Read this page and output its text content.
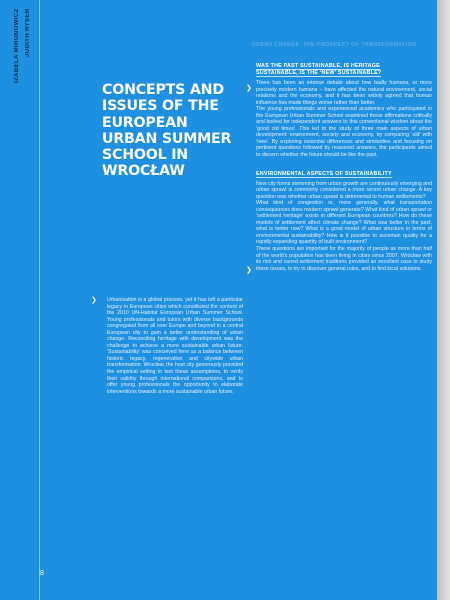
IZABELA MIRONOWICZ JUDITH RYSER	URBAN CHANGE: THE PROSPECT OF TRANSFORMATION
CONCEPTS AND ISSUES OF THE EUROPEAN URBAN SUMMER SCHOOL IN WROCŁAW
❯	Urbanisation is a global process, yet it has left a particular legacy in European cities which constituted the content of the 2010 UN-Habitat European Urban Summer School. Young professionals and tutors with diverse backgrounds congregated from all over Europe and beyond in a central European city to gain a better understanding of urban change. Reconciling heritage with development was the challenge to achieve a more sustainable urban future. ‘Sustainability’ was conceived here as a balance between historic legacy, regeneration and citywide urban transformation. Wrocław, the host city generously provided the empirical setting to test these assumptions, to verify their validity through international comparisons, and to offer young professionals the opportunity to elaborate interventions towards a more sustainable urban future.

❯
❯
WAS THE PAST SUSTAINABLE, IS HERITAGE
SUSTAINABLE, IS THE ‘NEW’ SUSTAINABLE?

There has been an intense debate about how badly humans, or more precisely modern humans – have affected the natural environment, social relations and the economy, and it has been widely agreed that human influence has made things worse rather than better.

The young professionals and experienced academics who participated in the European Urban Summer School examined these affirmations critically and looked for independent answers to this conventional wisdom about the ‘good old times’. This led to the study of three main aspects of urban development: environment, society and economy, by comparing ‘old’ with ‘new’. By exploring essential differences and similarities and focusing on pertinent questions followed by reasoned answers, the participants aimed to discern whether the future should be like the past.

ENVIRONMENTAL ASPECTS OF SUSTAINABILITY

New city forms stemming from urban growth are continuously emerging and urban sprawl is commonly considered a more recent urban change. A key question was whether urban sprawl is detrimental to human settlements?

What kind of congestion or, more generally, what transportation consequences does modern sprawl generate? What kind of urban sprawl or ‘settlement heritage’ exists in different European countries? How do these models of settlement affect climate change? What was better in the past, what is better now? What is a good model of urban structure in terms of environmental sustainability? How is it possible to ascertain quality for a rapidly expanding quantity of built environment?

These questions are important for the majority of people as more than half of the world’s population has been living in cities since 2007. Wrocław with its rich and varied settlement traditions provided an excellent case to study these issues, to try to discover general rules, and to find local solutions.

8
